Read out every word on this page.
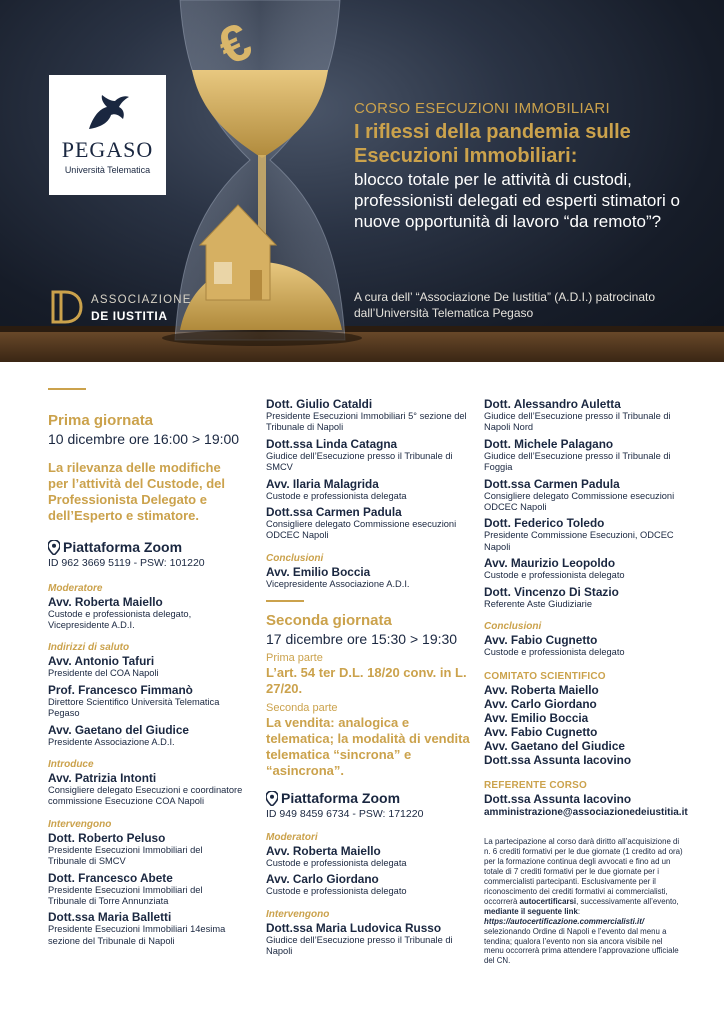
€
PEGASO
Università Telematica
ASSOCIAZIONE
DE IUSTITIA
CORSO ESECUZIONI IMMOBILIARI
I riflessi della pandemia sulle Esecuzioni Immobiliari:
blocco totale per le attività di custodi, professionisti delegati ed esperti stimatori o nuove opportunità di lavoro “da remoto”?
A cura dell’ “Associazione De Iustitia” (A.D.I.) patrocinato dall’Università Telematica Pegaso
Prima giornata
10 dicembre ore 16:00 > 19:00
La rilevanza delle modifiche per l’attività del Custode, del Professionista Delegato e dell’Esperto e stimatore.
Piattaforma Zoom
ID 962 3669 5119 - PSW: 101220
Moderatore
Avv. Roberta Maiello
Custode e professionista delegato, Vicepresidente A.D.I.
Indirizzi di saluto
Avv. Antonio Tafuri
Presidente del COA Napoli
Prof. Francesco Fimmanò
Direttore Scientifico Università Telematica Pegaso
Avv. Gaetano del Giudice
Presidente Associazione A.D.I.
Introduce
Avv. Patrizia Intonti
Consigliere delegato Esecuzioni e coordinatore commissione Esecuzione COA Napoli
Intervengono
Dott. Roberto Peluso
Presidente Esecuzioni Immobiliari del Tribunale di SMCV
Dott. Francesco Abete
Presidente Esecuzioni Immobiliari del Tribunale di Torre Annunziata
Dott.ssa Maria Balletti
Presidente Esecuzioni Immobiliari 14esima sezione del Tribunale di Napoli
Dott. Giulio Cataldi
Presidente Esecuzioni Immobiliari 5° sezione del Tribunale di Napoli
Dott.ssa Linda Catagna
Giudice dell’Esecuzione presso il Tribunale di SMCV
Avv. Ilaria Malagrida
Custode e professionista delegata
Dott.ssa Carmen Padula
Consigliere delegato Commissione esecuzioni ODCEC Napoli
Conclusioni
Avv. Emilio Boccia
Vicepresidente Associazione A.D.I.
Seconda giornata
17 dicembre ore 15:30 > 19:30
Prima parte
L’art. 54 ter D.L. 18/20 conv. in L. 27/20.
Seconda parte
La vendita: analogica e telematica; la modalità di vendita telematica “sincrona” e “asincrona”.
Piattaforma Zoom
ID 949 8459 6734 - PSW: 171220
Moderatori
Avv. Roberta Maiello
Custode e professionista delegata
Avv. Carlo Giordano
Custode e professionista delegato
Intervengono
Dott.ssa Maria Ludovica Russo
Giudice dell’Esecuzione presso il Tribunale di Napoli
Dott. Alessandro Auletta
Giudice dell’Esecuzione presso il Tribunale di Napoli Nord
Dott. Michele Palagano
Giudice dell’Esecuzione presso il Tribunale di Foggia
Dott.ssa Carmen Padula
Consigliere delegato Commissione esecuzioni ODCEC Napoli
Dott. Federico Toledo
Presidente Commissione Esecuzioni, ODCEC Napoli
Avv. Maurizio Leopoldo
Custode e professionista delegato
Dott. Vincenzo Di Stazio
Referente Aste Giudiziarie
Conclusioni
Avv. Fabio Cugnetto
Custode e professionista delegato
COMITATO SCIENTIFICO
Avv. Roberta Maiello
Avv. Carlo Giordano
Avv. Emilio Boccia
Avv. Fabio Cugnetto
Avv. Gaetano del Giudice
Dott.ssa Assunta Iacovino
REFERENTE CORSO
Dott.ssa Assunta Iacovino
amministrazione@associazionedeiustitia.it
La partecipazione al corso darà diritto all’acquisizione di n. 6 crediti formativi per le due giornate (1 credito ad ora) per la formazione continua degli avvocati e fino ad un totale di 7 crediti formativi per le due giornate per i commercialisti partecipanti. Esclusivamente per il riconoscimento dei crediti formativi ai commercialisti, occorrerà autocertificarsi, successivamente all’evento, mediante il seguente link: https://autocertificazione.commercialisti.it/ selezionando Ordine di Napoli e l’evento dal menu a tendina; qualora l’evento non sia ancora visibile nel menu occorrerà prima attendere l’approvazione ufficiale del CN.
